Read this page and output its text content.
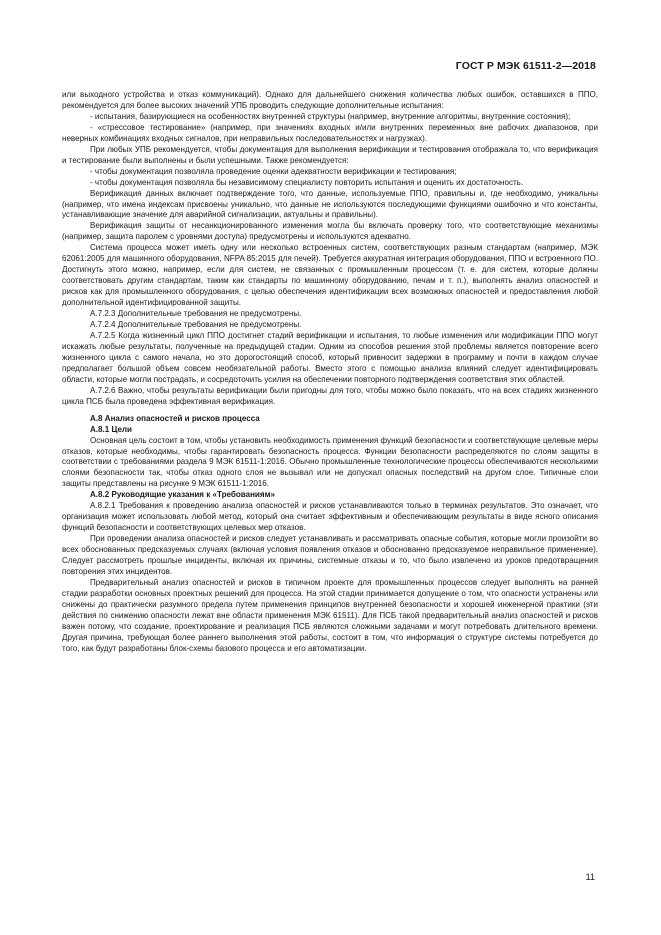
ГОСТ Р МЭК 61511-2—2018

или выходного устройства и отказ коммуникаций). Однако для дальнейшего снижения количества любых ошибок, оставшихся в ППО, рекомендуется для более высоких значений УПБ проводить следующие дополнительные испытания:

- испытания, базирующиеся на особенностях внутренней структуры (например, внутренние алгоритмы, внутренние состояния);

- «стрессовое тестирование» (например, при значениях входных и/или внутренних переменных вне рабочих диапазонов, при неверных комбинациях входных сигналов, при неправильных последовательностях и нагрузках).

При любых УПБ рекомендуется, чтобы документация для выполнения верификации и тестирования отображала то, что верификация и тестирование были выполнены и были успешными. Также рекомендуется:

- чтобы документация позволяла проведение оценки адекватности верификации и тестирования;

- чтобы документация позволяла бы независимому специалисту повторить испытания и оценить их достаточность.

Верификация данных включает подтверждение того, что данные, используемые ППО, правильны и, где необходимо, уникальны (например, что имена индексам присвоены уникально, что данные не используются последующими функциями ошибочно и что константы, устанавливающие значение для аварийной сигнализации, актуальны и правильны).

Верификация защиты от несанкционированного изменения могла бы включать проверку того, что соответствующие механизмы (например, защита паролем с уровнями доступа) предусмотрены и используются адекватно.

Система процесса может иметь одну или несколько встроенных систем, соответствующих разным стандартам (например, МЭК 62061:2005 для машинного оборудования, NFPA 85:2015 для печей). Требуется аккуратная интеграция оборудования, ППО и встроенного ПО. Достигнуть этого можно, например, если для систем, не связанных с промышленным процессом (т. е. для систем, которые должны соответствовать другим стандартам, таким как стандарты по машинному оборудованию, печам и т. п.), выполнять анализ опасностей и рисков как для промышленного оборудования, с целью обеспечения идентификации всех возможных опасностей и предоставления любой дополнительной идентифицированной защиты.

А.7.2.3 Дополнительные требования не предусмотрены.

А.7.2.4 Дополнительные требования не предусмотрены.

А.7.2.5 Когда жизненный цикл ППО достигнет стадий верификации и испытания, то любые изменения или модификации ППО могут искажать любые результаты, полученные на предыдущей стадии. Одним из способов решения этой проблемы является повторение всего жизненного цикла с самого начала, но это дорогостоящий способ, который привносит задержки в программу и почти в каждом случае предполагает большой объем совсем необязательной работы. Вместо этого с помощью анализа влияний следует идентифицировать области, которые могли пострадать, и сосредоточить усилия на обеспечении повторного подтверждения соответствия этих областей.

А.7.2.6 Важно, чтобы результаты верификации были пригодны для того, чтобы можно было показать, что на всех стадиях жизненного цикла ПСБ была проведена эффективная верификация.

А.8 Анализ опасностей и рисков процесса

А.8.1 Цели

Основная цель состоит в том, чтобы установить необходимость применения функций безопасности и соответствующие целевые меры отказов, которые необходимы, чтобы гарантировать безопасность процесса. Функции безопасности распределяются по слоям защиты в соответствии с требованиями раздела 9 МЭК 61511-1:2016. Обычно промышленные технологические процессы обеспечиваются несколькими слоями безопасности так, чтобы отказ одного слоя не вызывал или не допускал опасных последствий на другом слое. Типичные слои защиты представлены на рисунке 9 МЭК 61511-1:2016.

А.8.2 Руководящие указания к «Требованиям»

А.8.2.1 Требования к проведению анализа опасностей и рисков устанавливаются только в терминах результатов. Это означает, что организация может использовать любой метод, который она считает эффективным и обеспечивающим результаты в виде ясного описания функций безопасности и соответствующих целевых мер отказов.

При проведении анализа опасностей и рисков следует устанавливать и рассматривать опасные события, которые могли произойти во всех обоснованных предсказуемых случаях (включая условия появления отказов и обоснованно предсказуемое неправильное применение). Следует рассмотреть прошлые инциденты, включая их причины, системные отказы и то, что было извлечено из уроков предотвращения повторения этих инцидентов.

Предварительный анализ опасностей и рисков в типичном проекте для промышленных процессов следует выполнять на ранней стадии разработки основных проектных решений для процесса. На этой стадии принимается допущение о том, что опасности устранены или снижены до практически разумного предела путем применения принципов внутренней безопасности и хорошей инженерной практики (эти действия по снижению опасности лежат вне области применения МЭК 61511). Для ПСБ такой предварительный анализ опасностей и рисков важен потому, что создание, проектирование и реализация ПСБ являются сложными задачами и могут потребовать длительного времени. Другая причина, требующая более раннего выполнения этой работы, состоит в том, что информация о структуре системы потребуется до того, как будут разработаны блок-схемы базового процесса и его автоматизации.

11
